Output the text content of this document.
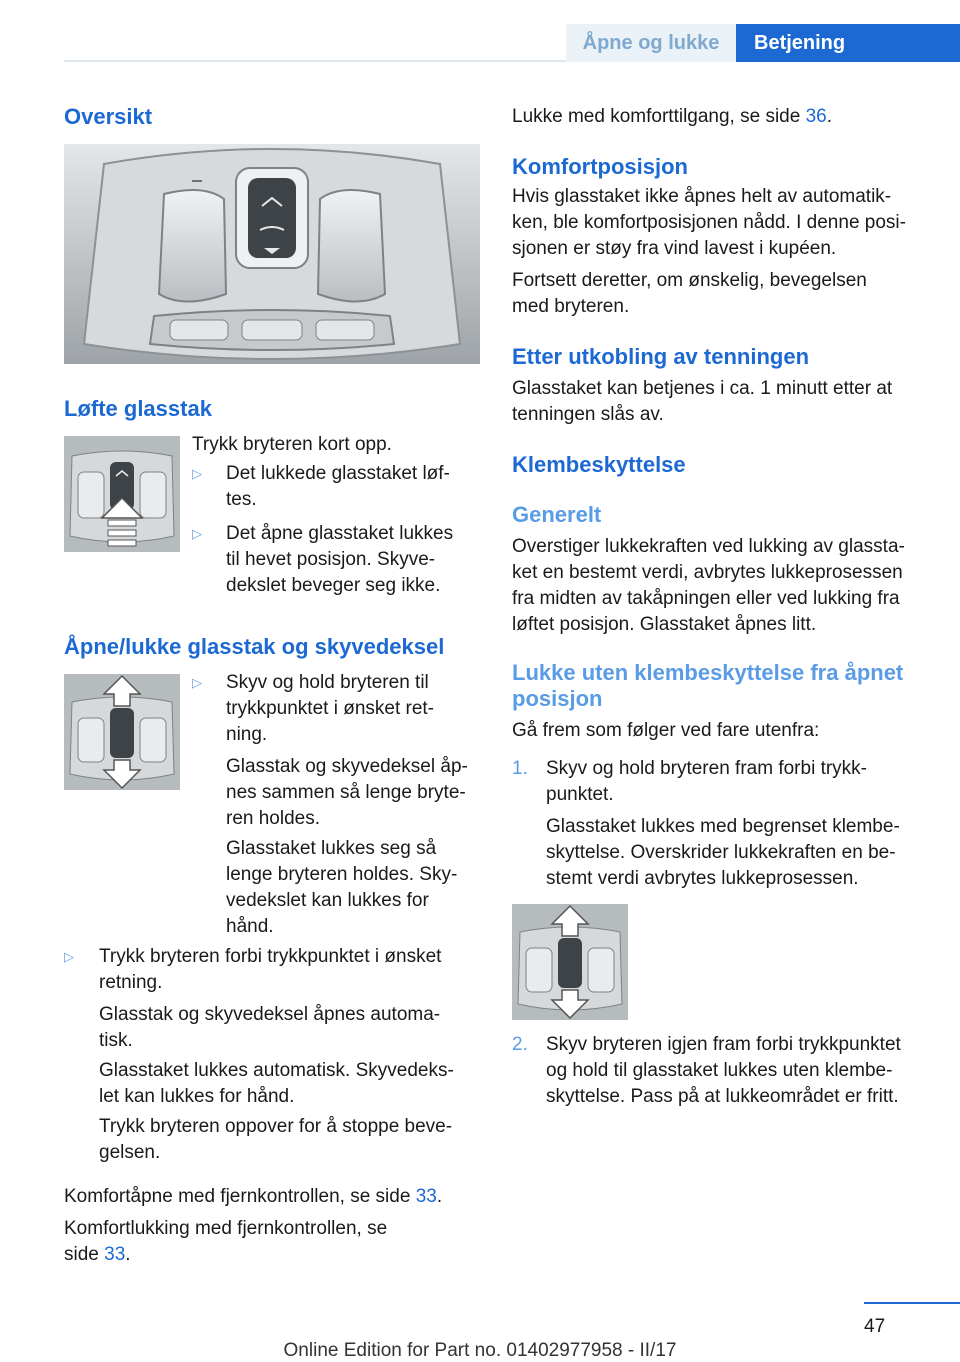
Åpne og lukke	Betjening
Oversikt
Løfte glasstak
Trykk bryteren kort opp.
▷ Det lukkede glasstaket løf-
tes.
▷ Det åpne glasstaket lukkes
til hevet posisjon. Skyve-
dekslet beveger seg ikke.
Åpne/lukke glasstak og skyvedeksel
▷ Skyv og hold bryteren til
trykkpunktet i ønsket ret-
ning.
Glasstak og skyvedeksel åp-
nes sammen så lenge bryte-
ren holdes.
Glasstaket lukkes seg så
lenge bryteren holdes. Sky-
vedekslet kan lukkes for
hånd.
▷ Trykk bryteren forbi trykkpunktet i ønsket
retning.
Glasstak og skyvedeksel åpnes automa-
tisk.
Glasstaket lukkes automatisk. Skyvedeks-
let kan lukkes for hånd.
Trykk bryteren oppover for å stoppe beve-
gelsen.
Komfortåpne med fjernkontrollen, se side 33.
Komfortlukking med fjernkontrollen, se
side 33.
Lukke med komforttilgang, se side 36.
Komfortposisjon
Hvis glasstaket ikke åpnes helt av automatik-
ken, ble komfortposisjonen nådd. I denne posi-
sjonen er støy fra vind lavest i kupéen.
Fortsett deretter, om ønskelig, bevegelsen
med bryteren.
Etter utkobling av tenningen
Glasstaket kan betjenes i ca. 1 minutt etter at
tenningen slås av.
Klembeskyttelse
Generelt
Overstiger lukkekraften ved lukking av glassta-
ket en bestemt verdi, avbrytes lukkeprosessen
fra midten av takåpningen eller ved lukking fra
løftet posisjon. Glasstaket åpnes litt.
Lukke uten klembeskyttelse fra åpnet
posisjon
Gå frem som følger ved fare utenfra:
1. Skyv og hold bryteren fram forbi trykk-
punktet.
Glasstaket lukkes med begrenset klembe-
skyttelse. Overskrider lukkekraften en be-
stemt verdi avbrytes lukkeprosessen.
2. Skyv bryteren igjen fram forbi trykkpunktet
og hold til glasstaket lukkes uten klembe-
skyttelse. Pass på at lukkeområdet er fritt.
47
Online Edition for Part no. 01402977958 - II/17
